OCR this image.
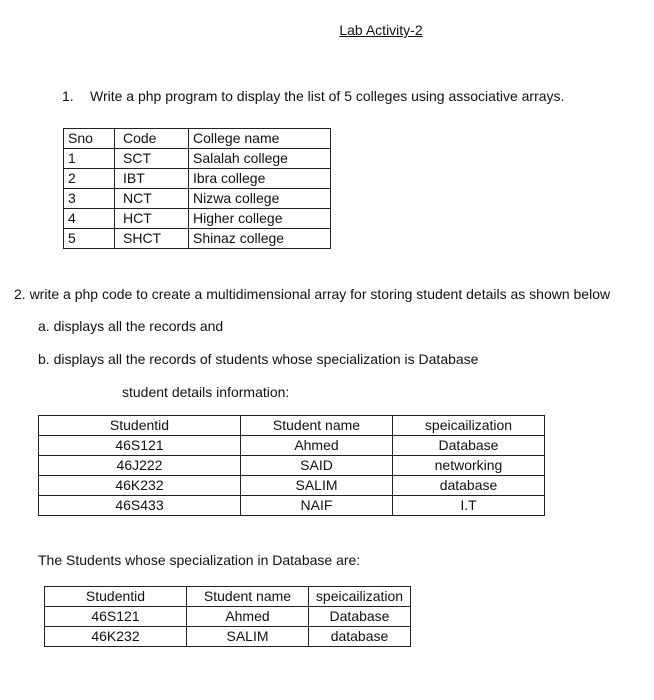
Lab Activity-2
1. Write a php program to display the list of 5 colleges using associative arrays.
Sno	Code	College name
1	SCT	Salalah college
2	IBT	Ibra college
3	NCT	Nizwa college
4	HCT	Higher college
5	SHCT	Shinaz college
2. write a php code to create a multidimensional array for storing student details as shown below
a. displays all the records and
b. displays all the records of students whose specialization is Database
student details information:
Studentid	Student name	speicailization
46S121	Ahmed	Database
46J222	SAID	networking
46K232	SALIM	database
46S433	NAIF	I.T
The Students whose specialization in Database are:
Studentid	Student name	speicailization
46S121	Ahmed	Database
46K232	SALIM	database
